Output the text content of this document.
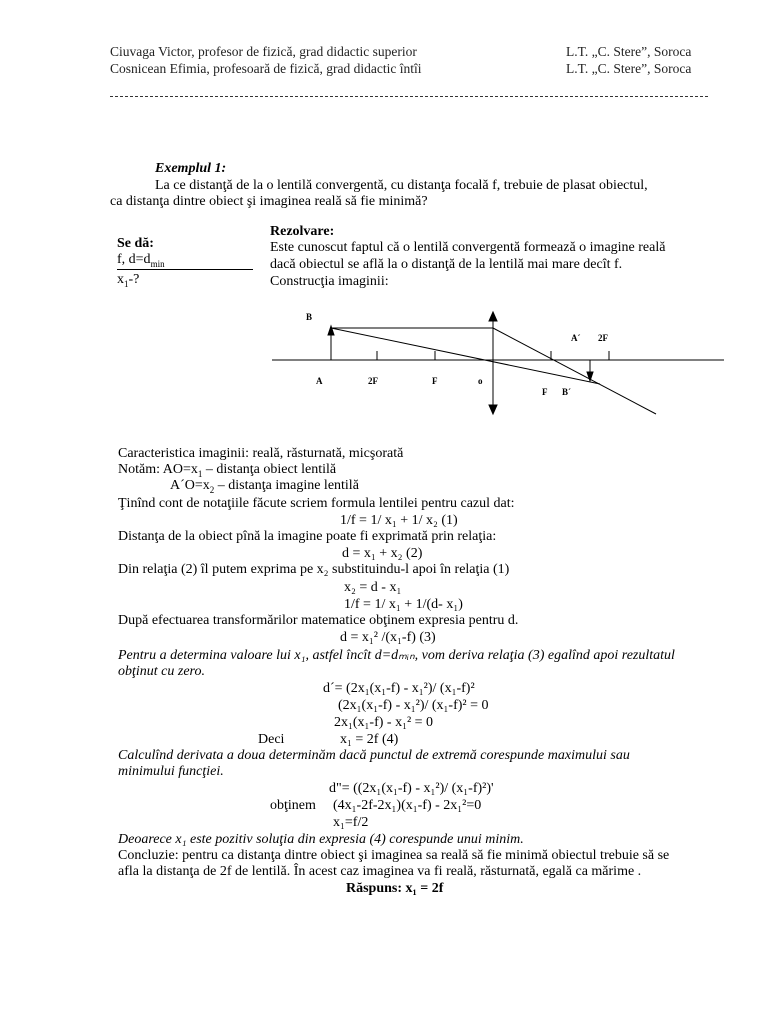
Ciuvaga Victor, profesor de fizică, grad didactic superior	L.T. „C. Stere”, Soroca
Cosnicean Efimia, profesoară de fizică, grad didactic întîi	L.T. „C. Stere”, Soroca
Exemplul 1:
La ce distanţă de la o lentilă convergentă, cu distanţa focală f, trebuie de plasat obiectul,
ca distanţa dintre obiect şi imaginea reală să fie minimă?
Se dă:
f, $d=d_{min}$
$x_1-$?
Rezolvare:
Este cunoscut faptul că o lentilă convergentă formează o imagine reală
dacă obiectul se află la o distanţă de la lentilă mai mare decît f.
Construcţia imaginii:
B
A	2F	F	o
A´ 2F
F B´
Caracteristica imaginii: reală, răsturnată, micşorată
Notăm: $AO=x_1$ – distanţa obiect lentilă
$A´O=x_2$ – distanţa imagine lentilă
Ţinînd cont de notaţiile făcute scriem formula lentilei pentru cazul dat:
1/f = 1/ x₁ + 1/ x₂ (1)
Distanţa de la obiect pînă la imagine poate fi exprimată prin relaţia:
d = x₁ + x₂ (2)
Din relaţia (2) îl putem exprima pe x₂ substituindu-l apoi în relaţia (1)
x₂ = d - x₁
1/f = 1/ x₁ + 1/(d- x₁)
După efectuarea transformărilor matematice obţinem expresia pentru d.
d = x₁² /(x₁-f) (3)
Pentru a determina valoare lui x₁, astfel încît d=dₘᵢₙ, vom deriva relaţia (3) egalînd apoi rezultatul
obţinut cu zero.
d´= (2x₁(x₁-f) - x₁²)/ (x₁-f)²
(2x₁(x₁-f) - x₁²)/ (x₁-f)² = 0
2x₁(x₁-f) - x₁² = 0
Deci	x₁ = 2f (4)
Calculînd derivata a doua determinăm dacă punctul de extremă corespunde maximului sau
minimului funcţiei.
d"= ((2x₁(x₁-f) - x₁²)/ (x₁-f)²)'
obţinem (4x₁-2f-2x₁)(x₁-f) - 2x₁²=0
x₁=f/2
Deoarece x₁ este pozitiv soluţia din expresia (4) corespunde unui minim.
Concluzie: pentru ca distanţa dintre obiect şi imaginea sa reală să fie minimă obiectul trebuie să se
afla la distanţa de 2f de lentilă. În acest caz imaginea va fi reală, răsturnată, egală ca mărime .
Răspuns: x₁ = 2f
